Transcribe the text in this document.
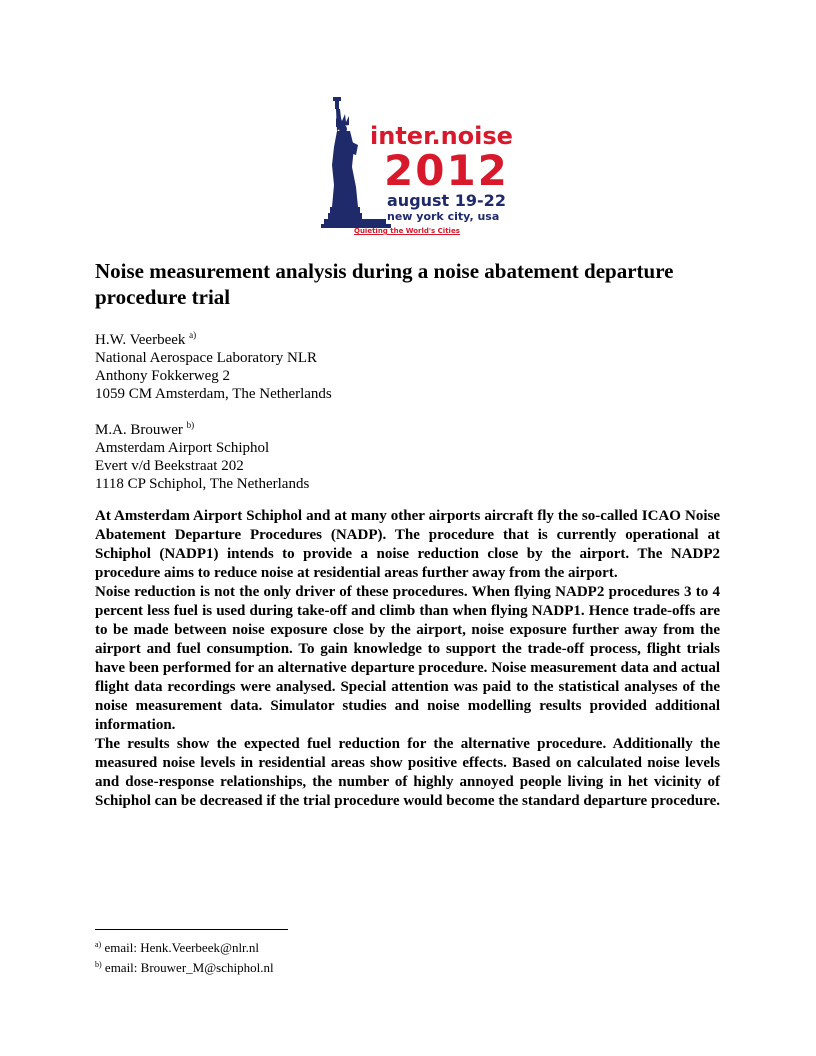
inter.noise
2012
august 19-22
new york city, usa
Quieting the World's Cities
Noise measurement analysis during a noise abatement departure procedure trial
H.W. Veerbeek $^{a)}$
National Aerospace Laboratory NLR
Anthony Fokkerweg 2
1059 CM Amsterdam, The Netherlands
M.A. Brouwer $^{b)}$
Amsterdam Airport Schiphol
Evert v/d Beekstraat 202
1118 CP Schiphol, The Netherlands

At Amsterdam Airport Schiphol and at many other airports aircraft fly the so-called ICAO Noise Abatement Departure Procedures (NADP). The procedure that is currently operational at Schiphol (NADP1) intends to provide a noise reduction close by the airport. The NADP2 procedure aims to reduce noise at residential areas further away from the airport.

Noise reduction is not the only driver of these procedures. When flying NADP2 procedures 3 to 4 percent less fuel is used during take-off and climb than when flying NADP1. Hence trade-offs are to be made between noise exposure close by the airport, noise exposure further away from the airport and fuel consumption. To gain knowledge to support the trade-off process, flight trials have been performed for an alternative departure procedure. Noise measurement data and actual flight data recordings were analysed. Special attention was paid to the statistical analyses of the noise measurement data. Simulator studies and noise modelling results provided additional information.

The results show the expected fuel reduction for the alternative procedure. Additionally the measured noise levels in residential areas show positive effects. Based on calculated noise levels and dose-response relationships, the number of highly annoyed people living in het vicinity of Schiphol can be decreased if the trial procedure would become the standard departure procedure.

$^{a)}$ email: Henk.Veerbeek@nlr.nl
$^{b)}$ email: Brouwer_M@schiphol.nl
